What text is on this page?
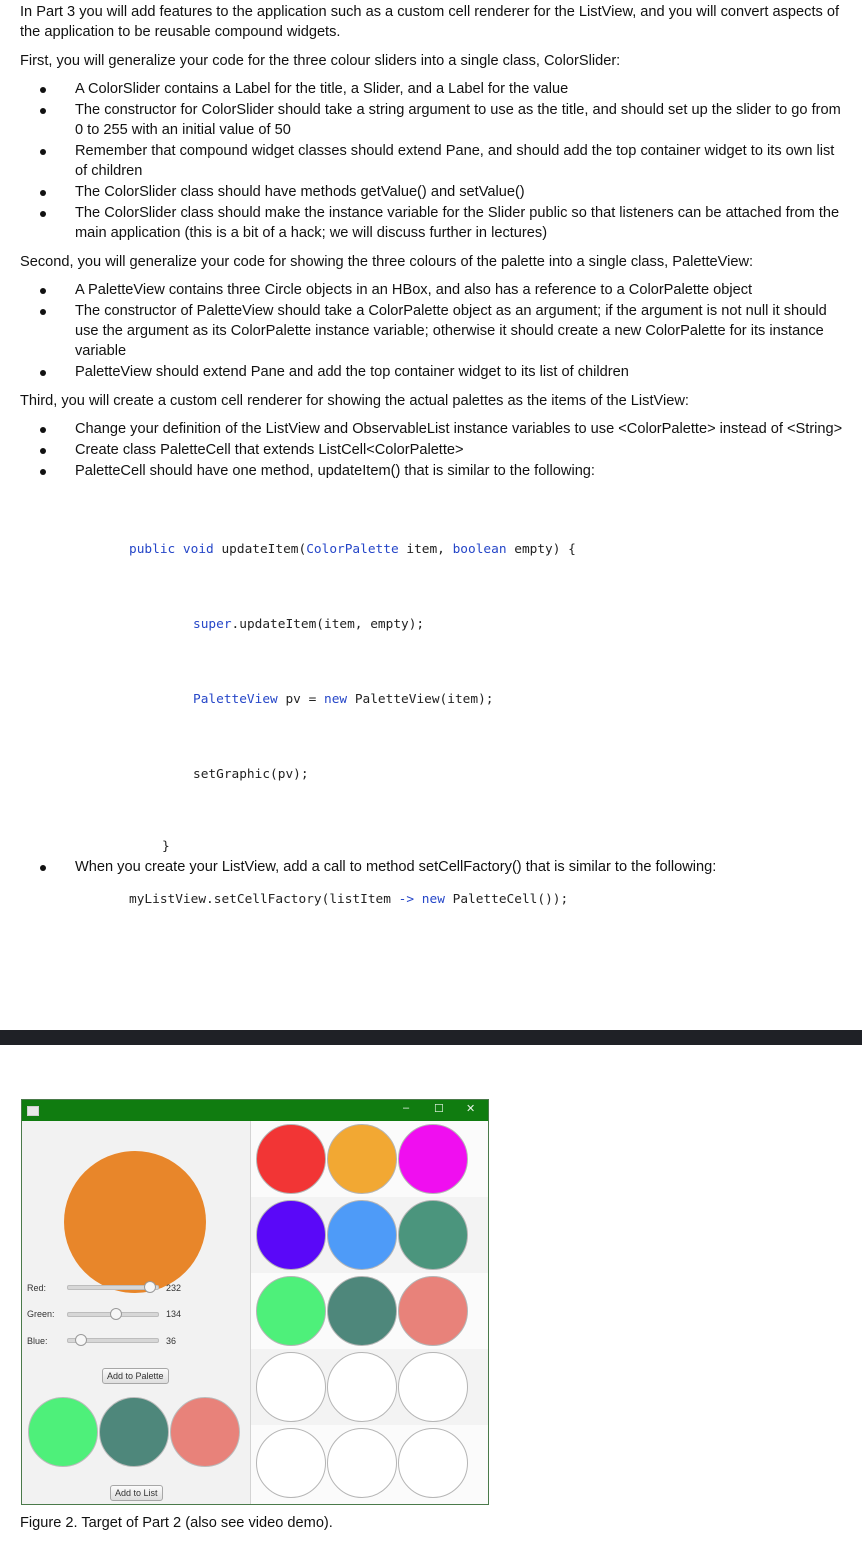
In Part 3 you will add features to the application such as a custom cell renderer for the ListView, and you will convert aspects of the application to be reusable compound widgets.

First, you will generalize your code for the three colour sliders into a single class, ColorSlider:

A ColorSlider contains a Label for the title, a Slider, and a Label for the value
The constructor for ColorSlider should take a string argument to use as the title, and should set up the slider to go from 0 to 255 with an initial value of 50
Remember that compound widget classes should extend Pane, and should add the top container widget to its own list of children
The ColorSlider class should have methods getValue() and setValue()
The ColorSlider class should make the instance variable for the Slider public so that listeners can be attached from the main application (this is a bit of a hack; we will discuss further in lectures)

Second, you will generalize your code for showing the three colours of the palette into a single class, PaletteView:

A PaletteView contains three Circle objects in an HBox, and also has a reference to a ColorPalette object
The constructor of PaletteView should take a ColorPalette object as an argument; if the argument is not null it should use the argument as its ColorPalette instance variable; otherwise it should create a new ColorPalette for its instance variable
PaletteView should extend Pane and add the top container widget to its list of children

Third, you will create a custom cell renderer for showing the actual palettes as the items of the ListView:

Change your definition of the ListView and ObservableList instance variables to use <ColorPalette> instead of <String>
Create class PaletteCell that extends ListCell<ColorPalette>
PaletteCell should have one method, updateItem() that is similar to the following:

public void updateItem(ColorPalette item, boolean empty) {

super.updateItem(item, empty);

PaletteView pv = new PaletteView(item);

setGraphic(pv);

}
When you create your ListView, add a call to method setCellFactory() that is similar to the following:
myListView.setCellFactory(listItem -> new PaletteCell());
– ☐ ✕
Red:	232
Green:	134
Blue:	36
Add to Palette
Add to List
Figure 2. Target of Part 2 (also see video demo).
